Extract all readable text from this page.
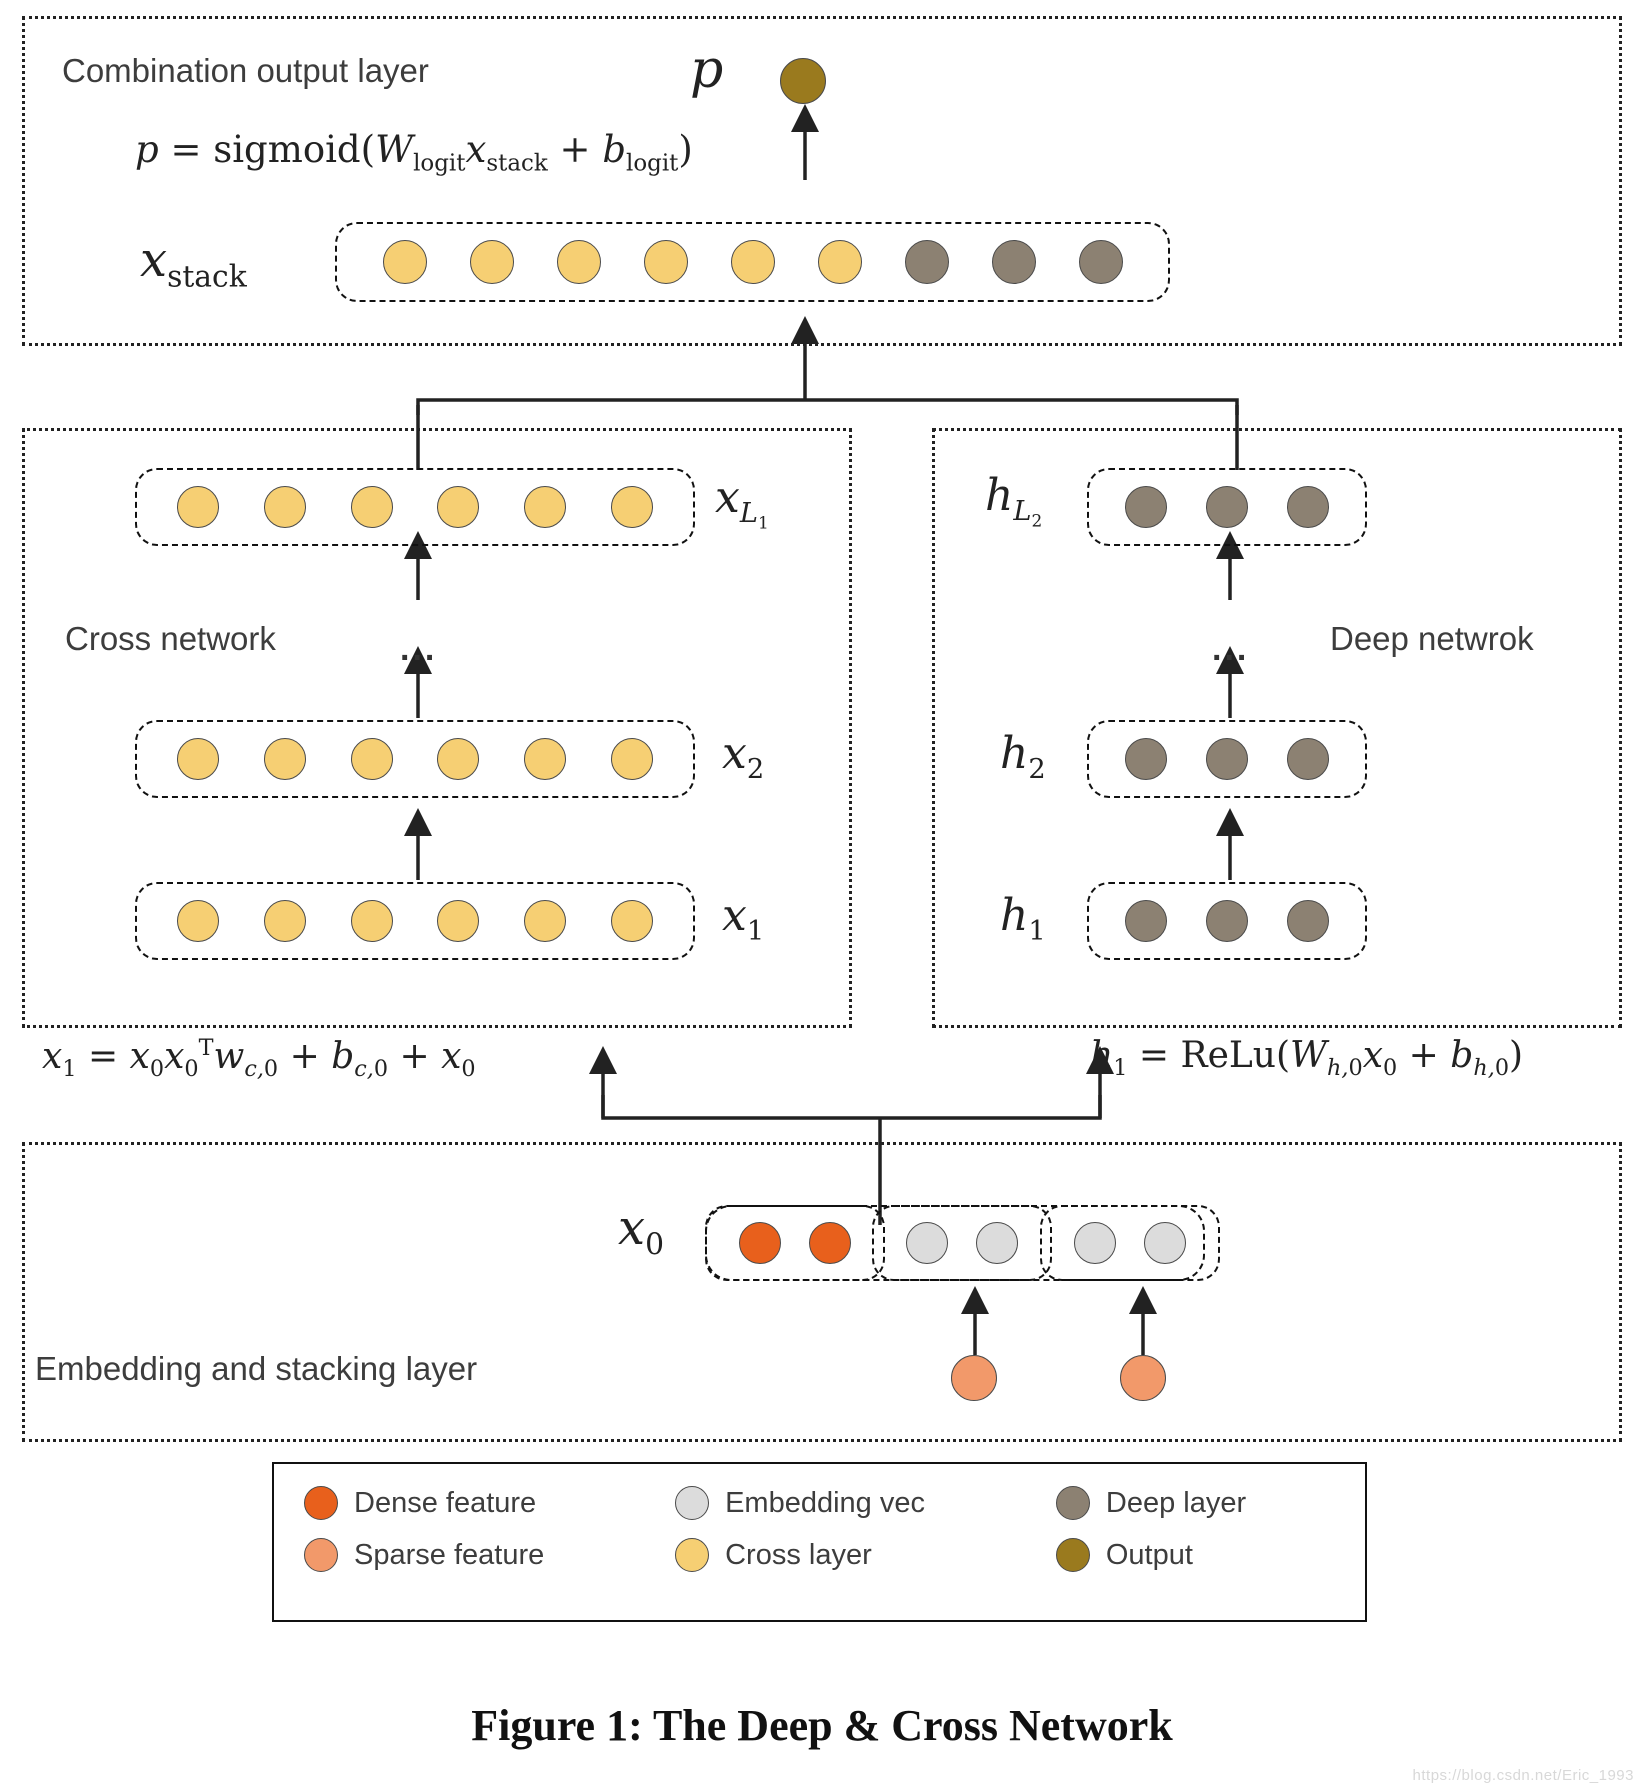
Combination output layer	p
$p = sigmoid(W_{logit}x_{stack} + b_{logit})$
$x_{stack}$
Cross network
$x_{L_1}$
...
$x_2$
$x_1$
Deep netwrok
$h_{L_2}$
...
$h_2$
$h_1$
$x_1 = x_0x_0^Tw_{c,0} + b_{c,0} + x_0$	$h_1$ = $ReLu(W_{h,0}x_0 + b_{h,0})$
Embedding and stacking layer
$x_0$
Dense feature	Embedding vec	Deep layer
Sparse feature	Cross layer	Output
Figure 1: The Deep & Cross Network
https://blog.csdn.net/Eric_1993
